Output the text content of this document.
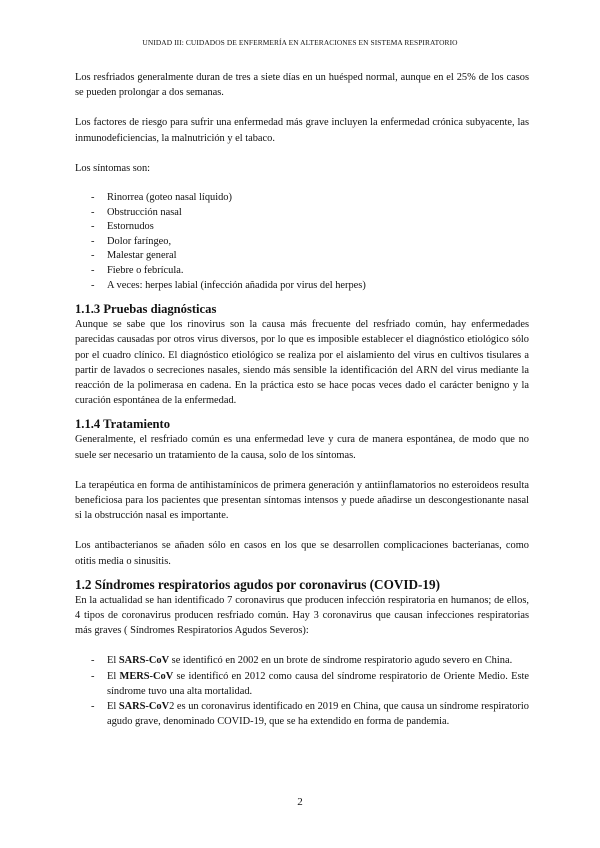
UNIDAD III: CUIDADOS DE ENFERMERÍA EN ALTERACIONES EN SISTEMA RESPIRATORIO

Los resfriados generalmente duran de tres a siete días en un huésped normal, aunque en el 25% de los casos se pueden prolongar a dos semanas.

Los factores de riesgo para sufrir una enfermedad más grave incluyen la enfermedad crónica subyacente, las inmunodeficiencias, la malnutrición y el tabaco.

Los síntomas son:

- Rinorrea (goteo nasal líquido)
- Obstrucción nasal
- Estornudos
- Dolor faríngeo,
- Malestar general
- Fiebre o febrícula.
- A veces: herpes labial (infección añadida por virus del herpes)
1.1.3 Pruebas diagnósticas

Aunque se sabe que los rinovirus son la causa más frecuente del resfriado común, hay enfermedades parecidas causadas por otros virus diversos, por lo que es imposible establecer el diagnóstico etiológico sólo por el cuadro clínico. El diagnóstico etiológico se realiza por el aislamiento del virus en cultivos tisulares a partir de lavados o secreciones nasales, siendo más sensible la identificación del ARN del virus mediante la reacción de la polimerasa en cadena. En la práctica esto se hace pocas veces dado el carácter benigno y la curación espontánea de la enfermedad.

1.1.4 Tratamiento

Generalmente, el resfriado común es una enfermedad leve y cura de manera espontánea, de modo que no suele ser necesario un tratamiento de la causa, solo de los síntomas.

La terapéutica en forma de antihistamínicos de primera generación y antiinflamatorios no esteroideos resulta beneficiosa para los pacientes que presentan síntomas intensos y puede añadirse un descongestionante nasal si la obstrucción nasal es importante.

Los antibacterianos se añaden sólo en casos en los que se desarrollen complicaciones bacterianas, como otitis media o sinusitis.

1.2 Síndromes respiratorios agudos por coronavirus (COVID-19)

En la actualidad se han identificado 7 coronavirus que producen infección respiratoria en humanos; de ellos, 4 tipos de coronavirus producen resfriado común. Hay 3 coronavirus que causan infecciones respiratorias más graves ( Síndromes Respiratorios Agudos Severos):

- El SARS-CoV se identificó en 2002 en un brote de síndrome respiratorio agudo severo en China.
- El MERS-CoV se identificó en 2012 como causa del síndrome respiratorio de Oriente Medio. Este síndrome tuvo una alta mortalidad.
- El SARS-CoV2 es un coronavirus identificado en 2019 en China, que causa un síndrome respiratorio agudo grave, denominado COVID-19, que se ha extendido en forma de pandemia.
2
